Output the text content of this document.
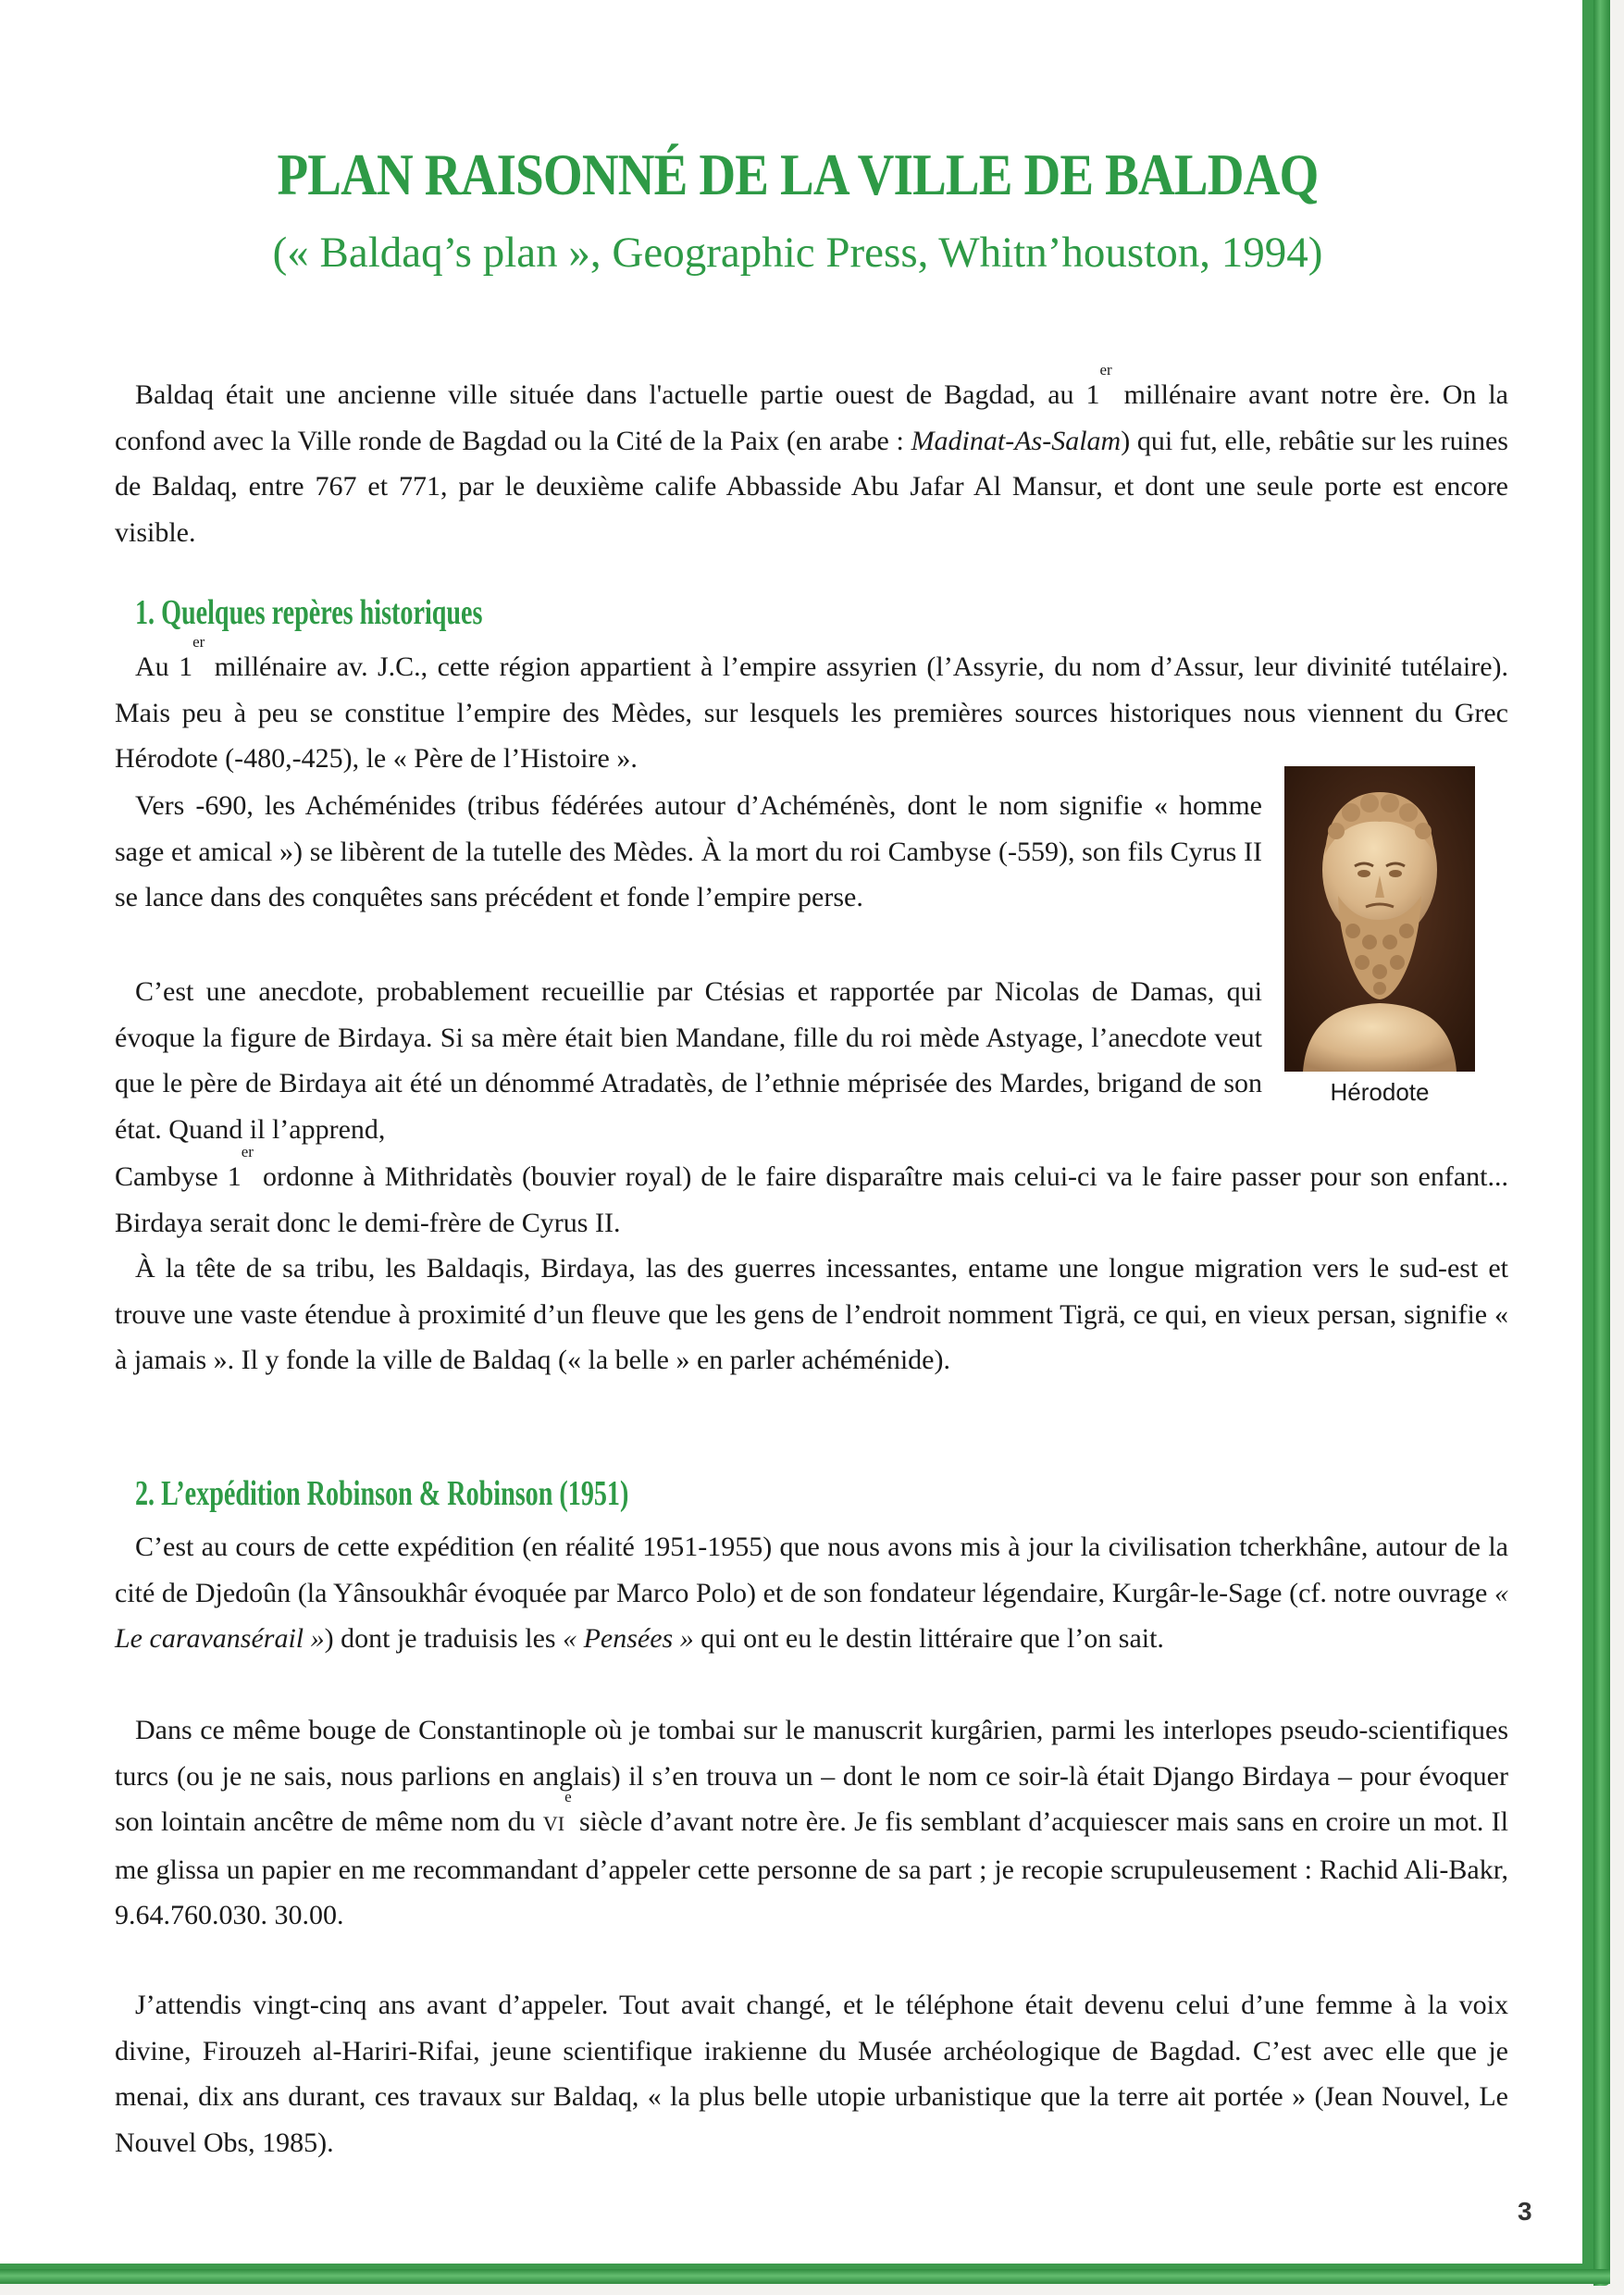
PLAN RAISONNÉ DE LA VILLE DE BALDAQ

(« Baldaq’s plan », Geographic Press, Whitn’houston, 1994)

Baldaq était une ancienne ville située dans l'actuelle partie ouest de Bagdad, au 1er millénaire avant notre ère. On la confond avec la Ville ronde de Bagdad ou la Cité de la Paix (en arabe : Madinat-As-Salam) qui fut, elle, rebâtie sur les ruines de Baldaq, entre 767 et 771, par le deuxième calife Abbasside Abu Jafar Al Mansur, et dont une seule porte est encore visible.

1. Quelques repères historiques

Au 1er millénaire av. J.C., cette région appartient à l’empire assyrien (l’Assyrie, du nom d’Assur, leur divinité tutélaire). Mais peu à peu se constitue l’empire des Mèdes, sur lesquels les premières sources historiques nous viennent du Grec Hérodote (-480,-425), le « Père de l’Histoire ».

Vers -690, les Achéménides (tribus fédérées autour d’Achéménès, dont le nom signifie « homme sage et amical ») se libèrent de la tutelle des Mèdes. À la mort du roi Cambyse (-559), son fils Cyrus II se lance dans des conquêtes sans précédent et fonde l’empire perse.

C’est une anecdote, probablement recueillie par Ctésias et rapportée par Nicolas de Damas, qui évoque la figure de Birdaya. Si sa mère était bien Mandane, fille du roi mède Astyage, l’anecdote veut que le père de Birdaya ait été un dénommé Atradatès, de l’ethnie méprisée des Mardes, brigand de son état. Quand il l’apprend,

Cambyse 1er ordonne à Mithridatès (bouvier royal) de le faire disparaître mais celui-ci va le faire passer pour son enfant... Birdaya serait donc le demi-frère de Cyrus II.

À la tête de sa tribu, les Baldaqis, Birdaya, las des guerres incessantes, entame une longue migration vers le sud-est et trouve une vaste étendue à proximité d’un fleuve que les gens de l’endroit nomment Tigrä, ce qui, en vieux persan, signifie « à jamais ». Il y fonde la ville de Baldaq (« la belle » en parler achéménide).

Hérodote
2. L’expédition Robinson & Robinson (1951)

C’est au cours de cette expédition (en réalité 1951-1955) que nous avons mis à jour la civilisation tcherkhâne, autour de la cité de Djedoûn (la Yânsoukhâr évoquée par Marco Polo) et de son fondateur légendaire, Kurgâr-le-Sage (cf. notre ouvrage « Le caravansérail ») dont je traduisis les « Pensées » qui ont eu le destin littéraire que l’on sait.

Dans ce même bouge de Constantinople où je tombai sur le manuscrit kurgârien, parmi les interlopes pseudo-scientifiques turcs (ou je ne sais, nous parlions en anglais) il s’en trouva un – dont le nom ce soir-là était Django Birdaya – pour évoquer son lointain ancêtre de même nom du VIe siècle d’avant notre ère. Je fis semblant d’acquiescer mais sans en croire un mot. Il me glissa un papier en me recommandant d’appeler cette personne de sa part ; je recopie scrupuleusement : Rachid Ali-Bakr, 9.64.760.030. 30.00.

J’attendis vingt-cinq ans avant d’appeler. Tout avait changé, et le téléphone était devenu celui d’une femme à la voix divine, Firouzeh al-Hariri-Rifai, jeune scientifique irakienne du Musée archéologique de Bagdad. C’est avec elle que je menai, dix ans durant, ces travaux sur Baldaq, « la plus belle utopie urbanistique que la terre ait portée » (Jean Nouvel, Le Nouvel Obs, 1985).

3
